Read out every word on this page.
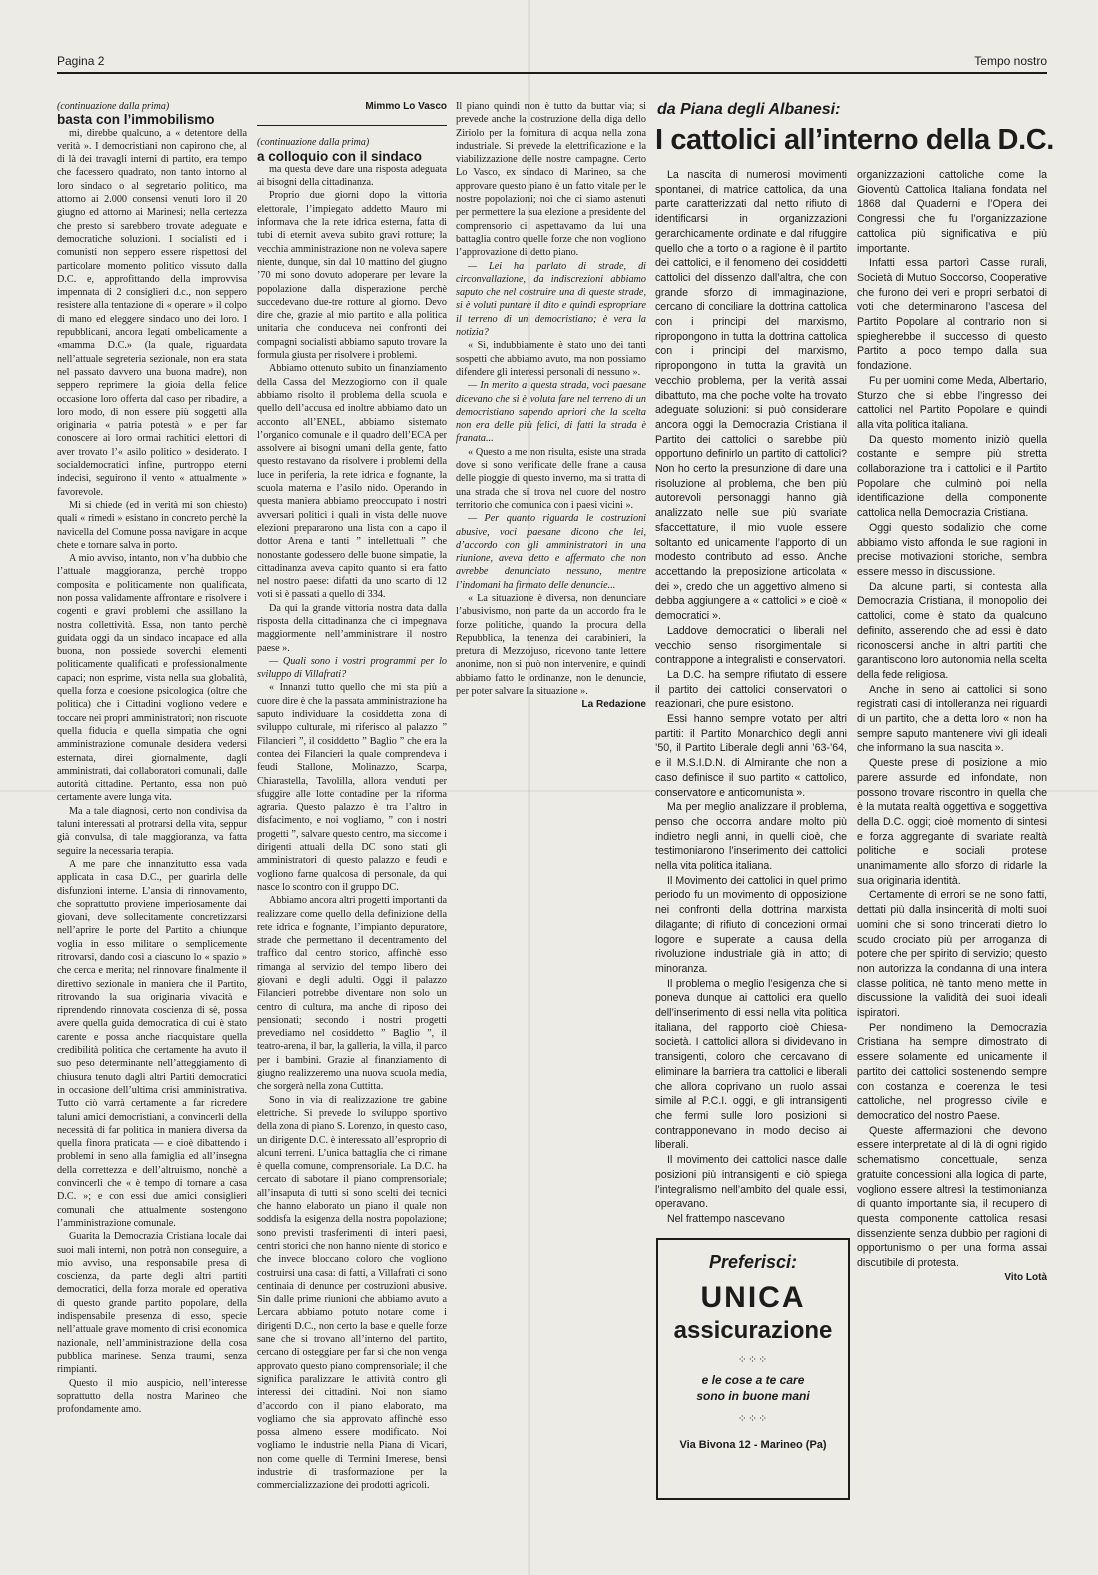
Pagina 2	Tempo nostro

(continuazione dalla prima)

basta con l’immobilismo

mi, direbbe qualcuno, a « detentore della verità ». I democristiani non capirono che, al di là dei travagli interni di partito, era tempo che facessero quadrato, non tanto intorno al loro sindaco o al segretario politico, ma attorno ai 2.000 consensi venuti loro il 20 giugno ed attorno ai Marinesi; nella certezza che presto si sarebbero trovate adeguate e democratiche soluzioni. I socialisti ed i comunisti non seppero essere rispettosi del particolare momento politico vissuto dalla D.C. e, approfittando della improvvisa impennata di 2 consiglieri d.c., non seppero resistere alla tentazione di « operare » il colpo di mano ed eleggere sindaco uno dei loro. I repubblicani, ancora legati ombelicamente a «mamma D.C.» (la quale, riguardata nell’attuale segreteria sezionale, non era stata nel passato davvero una buona madre), non seppero reprimere la gioia della felice occasione loro offerta dal caso per ribadire, a loro modo, di non essere più soggetti alla originaria « patria potestà » e per far conoscere ai loro ormai rachitici elettori di aver trovato l’« asilo politico » desiderato. I socialdemocratici infine, purtroppo eterni indecisi, seguirono il vento « attualmente » favorevole.

Mi si chiede (ed in verità mi son chiesto) quali « rimedi » esistano in concreto perchè la navicella del Comune possa navigare in acque chete e tornare salva in porto.

A mio avviso, intanto, non v’ha dubbio che l’attuale maggioranza, perchè troppo composita e politicamente non qualificata, non possa validamente affrontare e risolvere i cogenti e gravi problemi che assillano la nostra collettività. Essa, non tanto perchè guidata oggi da un sindaco incapace ed alla buona, non possiede soverchi elementi politicamente qualificati e professionalmente capaci; non esprime, vista nella sua globalità, quella forza e coesione psicologica (oltre che politica) che i Cittadini vogliono vedere e toccare nei propri amministratori; non riscuote quella fiducia e quella simpatia che ogni amministrazione comunale desidera vedersi esternata, direi giornalmente, dagli amministrati, dai collaboratori comunali, dalle autorità cittadine. Pertanto, essa non può certamente avere lunga vita.

Ma a tale diagnosi, certo non condivisa da taluni interessati al protrarsi della vita, seppur già convulsa, di tale maggioranza, va fatta seguire la necessaria terapia.

A me pare che innanzitutto essa vada applicata in casa D.C., per guarirla delle disfunzioni interne. L’ansia di rinnovamento, che soprattutto proviene imperiosamente dai giovani, deve sollecitamente concretizzarsi nell’aprire le porte del Partito a chiunque voglia in esso militare o semplicemente ritrovarsi, dando così a ciascuno lo « spazio » che cerca e merita; nel rinnovare finalmente il direttivo sezionale in maniera che il Partito, ritrovando la sua originaria vivacità e riprendendo rinnovata coscienza di sè, possa avere quella guida democratica di cui è stato carente e possa anche riacquistare quella credibilità politica che certamente ha avuto il suo peso determinante nell’atteggiamento di chiusura tenuto dagli altri Partiti democratici in occasione dell’ultima crisi amministrativa. Tutto ciò varrà certamente a far ricredere taluni amici democristiani, a convincerli della necessità di far politica in maniera diversa da quella finora praticata — e cioè dibattendo i problemi in seno alla famiglia ed all’insegna della correttezza e dell’altruismo, nonchè a convincerli che « è tempo di tornare a casa D.C. »; e con essi due amici consiglieri comunali che attualmente sostengono l’amministrazione comunale.

Guarita la Democrazia Cristiana locale dai suoi mali interni, non potrà non conseguire, a mio avviso, una responsabile presa di coscienza, da parte degli altri partiti democratici, della forza morale ed operativa di questo grande partito popolare, della indispensabile presenza di esso, specie nell’attuale grave momento di crisi economica nazionale, nell’amministrazione della cosa pubblica marinese. Senza traumi, senza rimpianti.

Questo il mio auspicio, nell’interesse soprattutto della nostra Marineo che profondamente amo.

Mimmo Lo Vasco

(continuazione dalla prima)

a colloquio con il sindaco

ma questa deve dare una risposta adeguata ai bisogni della cittadinanza.

Proprio due giorni dopo la vittoria elettorale, l’impiegato addetto Mauro mi informava che la rete idrica esterna, fatta di tubi di eternit aveva subito gravi rotture; la vecchia amministrazione non ne voleva sapere niente, dunque, sin dal 10 mattino del giugno ’70 mi sono dovuto adoperare per levare la popolazione dalla disperazione perchè succedevano due-tre rotture al giorno. Devo dire che, grazie al mio partito e alla politica unitaria che conduceva nei confronti dei compagni socialisti abbiamo saputo trovare la formula giusta per risolvere i problemi.

Abbiamo ottenuto subito un finanziamento della Cassa del Mezzogiorno con il quale abbiamo risolto il problema della scuola e quello dell’accusa ed inoltre abbiamo dato un acconto all’ENEL, abbiamo sistemato l’organico comunale e il quadro dell’ECA per assolvere ai bisogni umani della gente, fatto questo restavano da risolvere i problemi della luce in periferia, la rete idrica e fognante, la scuola materna e l’asilo nido. Operando in questa maniera abbiamo preoccupato i nostri avversari politici i quali in vista delle nuove elezioni prepararono una lista con a capo il dottor Arena e tanti ” intellettuali ” che nonostante godessero delle buone simpatie, la cittadinanza aveva capito quanto si era fatto nel nostro paese: difatti da uno scarto di 12 voti si è passati a quello di 334.

Da qui la grande vittoria nostra data dalla risposta della cittadinanza che ci impegnava maggiormente nell’amministrare il nostro paese ».

— Quali sono i vostri programmi per lo sviluppo di Villafrati?

« Innanzi tutto quello che mi sta più a cuore dire è che la passata amministrazione ha saputo individuare la cosiddetta zona di sviluppo culturale, mi riferisco al palazzo ” Filancieri ”, il cosiddetto ” Baglio ” che era la contea dei Filancieri la quale comprendeva i feudi Stallone, Molinazzo, Scarpa, Chiarastella, Tavolilla, allora venduti per sfuggire alle lotte contadine per la riforma agraria. Questo palazzo è tra l’altro in disfacimento, e noi vogliamo, ” con i nostri progetti ”, salvare questo centro, ma siccome i dirigenti attuali della DC sono stati gli amministratori di questo palazzo e feudi e vogliono farne qualcosa di personale, da qui nasce lo scontro con il gruppo DC.

Abbiamo ancora altri progetti importanti da realizzare come quello della definizione della rete idrica e fognante, l’impianto depuratore, strade che permettano il decentramento del traffico dal centro storico, affinchè esso rimanga al servizio del tempo libero dei giovani e degli adulti. Oggi il palazzo Filancieri potrebbe diventare non solo un centro di cultura, ma anche di riposo dei pensionati; secondo i nostri progetti prevediamo nel cosiddetto ” Baglio ”, il teatro-arena, il bar, la galleria, la villa, il parco per i bambini. Grazie al finanziamento di giugno realizzeremo una nuova scuola media, che sorgerà nella zona Cuttitta.

Sono in via di realizzazione tre gabine elettriche. Si prevede lo sviluppo sportivo della zona di piano S. Lorenzo, in questo caso, un dirigente D.C. è interessato all’esproprio di alcuni terreni. L’unica battaglia che ci rimane è quella comune, comprensoriale. La D.C. ha cercato di sabotare il piano comprensoriale; all’insaputa di tutti si sono scelti dei tecnici che hanno elaborato un piano il quale non soddisfa la esigenza della nostra popolazione; sono previsti trasferimenti di interi paesi, centri storici che non hanno niente di storico e che invece bloccano coloro che vogliono costruirsi una casa: di fatti, a Villafrati ci sono centinaia di denunce per costruzioni abusive. Sin dalle prime riunioni che abbiamo avuto a Lercara abbiamo potuto notare come i dirigenti D.C., non certo la base e quelle forze sane che si trovano all’interno del partito, cercano di osteggiare per far sì che non venga approvato questo piano comprensoriale; il che significa paralizzare le attività contro gli interessi dei cittadini. Noi non siamo d’accordo con il piano elaborato, ma vogliamo che sia approvato affinchè esso possa almeno essere modificato. Noi vogliamo le industrie nella Piana di Vicari, non come quelle di Termini Imerese, bensì industrie di trasformazione per la commercializzazione dei prodotti agricoli.

Il piano quindi non è tutto da buttar via; si prevede anche la costruzione della diga dello Ziriolo per la fornitura di acqua nella zona industriale. Si prevede la elettrificazione e la viabilizzazione delle nostre campagne. Certo Lo Vasco, ex sindaco di Marineo, sa che approvare questo piano è un fatto vitale per le nostre popolazioni; noi che ci siamo astenuti per permettere la sua elezione a presidente del comprensorio ci aspettavamo da lui una battaglia contro quelle forze che non vogliono l’approvazione di detto piano.

— Lei ha parlato di strade, di circonvallazione, da indiscrezioni abbiamo saputo che nel costruire una di queste strade, si è voluti puntare il dito e quindi espropriare il terreno di un democristiano; è vera la notizia?

« Sì, indubbiamente è stato uno dei tanti sospetti che abbiamo avuto, ma non possiamo difendere gli interessi personali di nessuno ».

— In merito a questa strada, voci paesane dicevano che si è voluta fare nel terreno di un democristiano sapendo apriori che la scelta non era delle più felici, di fatti la strada è franata...

« Questo a me non risulta, esiste una strada dove si sono verificate delle frane a causa delle pioggie di questo inverno, ma si tratta di una strada che si trova nel cuore del nostro territorio che comunica con i paesi vicini ».

— Per quanto riguarda le costruzioni abusive, voci paesane dicono che lei, d’accordo con gli amministratori in una riunione, aveva detto e affermato che non avrebbe denunciato nessuno, mentre l’indomani ha firmato delle denuncie...

« La situazione è diversa, non denunciare l’abusivismo, non parte da un accordo fra le forze politiche, quando la procura della Repubblica, la tenenza dei carabinieri, la pretura di Mezzojuso, ricevono tante lettere anonime, non si può non intervenire, e quindi abbiamo fatto le ordinanze, non le denuncie, per poter salvare la situazione ».

La Redazione

da Piana degli Albanesi:
I cattolici all’interno della D.C.

La nascita di numerosi movimenti spontanei, di matrice cattolica, da una parte caratterizzati dal netto rifiuto di identificarsi in organizzazioni gerarchicamente ordinate e dal rifuggire quello che a torto o a ragione è il partito dei cattolici, e il fenomeno dei cosiddetti cattolici del dissenzo dall’altra, che con grande sforzo di immaginazione, cercano di conciliare la dottrina cattolica con i principi del marxismo, ripropongono in tutta la dottrina cattolica con i principi del marxismo, ripropongono in tutta la gravità un vecchio problema, per la verità assai dibattuto, ma che poche volte ha trovato adeguate soluzioni: si può considerare ancora oggi la Democrazia Cristiana il Partito dei cattolici o sarebbe più opportuno definirlo un partito di cattolici? Non ho certo la presunzione di dare una risoluzione al problema, che ben più autorevoli personaggi hanno già analizzato nelle sue più svariate sfaccettature, il mio vuole essere soltanto ed unicamente l’apporto di un modesto contributo ad esso. Anche accettando la preposizione articolata « dei », credo che un aggettivo almeno si debba aggiungere a « cattolici » e cioè « democratici ».

Laddove democratici o liberali nel vecchio senso risorgimentale si contrappone a integralisti e conservatori.

La D.C. ha sempre rifiutato di essere il partito dei cattolici conservatori o reazionari, che pure esistono.

Essi hanno sempre votato per altri partiti: il Partito Monarchico degli anni ’50, il Partito Liberale degli anni ’63-’64, e il M.S.I.D.N. di Almirante che non a caso definisce il suo partito « cattolico, conservatore e anticomunista ».

Ma per meglio analizzare il problema, penso che occorra andare molto più indietro negli anni, in quelli cioè, che testimoniarono l’inserimento dei cattolici nella vita politica italiana.

Il Movimento dei cattolici in quel primo periodo fu un movimento di opposizione nei confronti della dottrina marxista dilagante; di rifiuto di concezioni ormai logore e superate a causa della rivoluzione industriale già in atto; di minoranza.

Il problema o meglio l’esigenza che si poneva dunque ai cattolici era quello dell’inserimento di essi nella vita politica italiana, del rapporto cioè Chiesa-società. I cattolici allora si dividevano in transigenti, coloro che cercavano di eliminare la barriera tra cattolici e liberali che allora coprivano un ruolo assai simile al P.C.I. oggi, e gli intransigenti che fermi sulle loro posizioni si contrapponevano in modo deciso ai liberali.

Il movimento dei cattolici nasce dalle posizioni più intransigenti e ciò spiega l’integralismo nell’ambito del quale essi, operavano.

Nel frattempo nascevano

organizzazioni cattoliche come la Gioventù Cattolica Italiana fondata nel 1868 dal Quaderni e l’Opera dei Congressi che fu l’organizzazione cattolica più significativa e più importante.

Infatti essa partorì Casse rurali, Società di Mutuo Soccorso, Cooperative che furono dei veri e propri serbatoi di voti che determinarono l’ascesa del Partito Popolare al contrario non si spiegherebbe il successo di questo Partito a poco tempo dalla sua fondazione.

Fu per uomini come Meda, Albertario, Sturzo che si ebbe l’ingresso dei cattolici nel Partito Popolare e quindi alla vita politica italiana.

Da questo momento iniziò quella costante e sempre più stretta collaborazione tra i cattolici e il Partito Popolare che culminò poi nella identificazione della componente cattolica nella Democrazia Cristiana.

Oggi questo sodalizio che come abbiamo visto affonda le sue ragioni in precise motivazioni storiche, sembra essere messo in discussione.

Da alcune parti, si contesta alla Democrazia Cristiana, il monopolio dei cattolici, come è stato da qualcuno definito, asserendo che ad essi è dato riconoscersi anche in altri partiti che garantiscono loro autonomia nella scelta della fede religiosa.

Anche in seno ai cattolici si sono registrati casi di intolleranza nei riguardi di un partito, che a detta loro « non ha sempre saputo mantenere vivi gli ideali che informano la sua nascita ».

Queste prese di posizione a mio parere assurde ed infondate, non possono trovare riscontro in quella che è la mutata realtà oggettiva e soggettiva della D.C. oggi; cioè momento di sintesi e forza aggregante di svariate realtà politiche e sociali protese unanimamente allo sforzo di ridarle la sua originaria identità.

Certamente di errori se ne sono fatti, dettati più dalla insincerità di molti suoi uomini che si sono trincerati dietro lo scudo crociato più per arroganza di potere che per spirito di servizio; questo non autorizza la condanna di una intera classe politica, nè tanto meno mette in discussione la validità dei suoi ideali ispiratori.

Per nondimeno la Democrazia Cristiana ha sempre dimostrato di essere solamente ed unicamente il partito dei cattolici sostenendo sempre con costanza e coerenza le tesi cattoliche, nel progresso civile e democratico del nostro Paese.

Queste affermazioni che devono essere interpretate al di là di ogni rigido schematismo concettuale, senza gratuite concessioni alla logica di parte, vogliono essere altresì la testimonianza di quanto importante sia, il recupero di questa componente cattolica resasi dissenziente senza dubbio per ragioni di opportunismo o per una forma assai discutibile di protesta.

Vito Lotà

Preferisci:
UNICA
assicurazione
⁘⁘⁘
e le cose a te care
sono in buone mani
⁘⁘⁘
Via Bivona 12 - Marineo (Pa)
